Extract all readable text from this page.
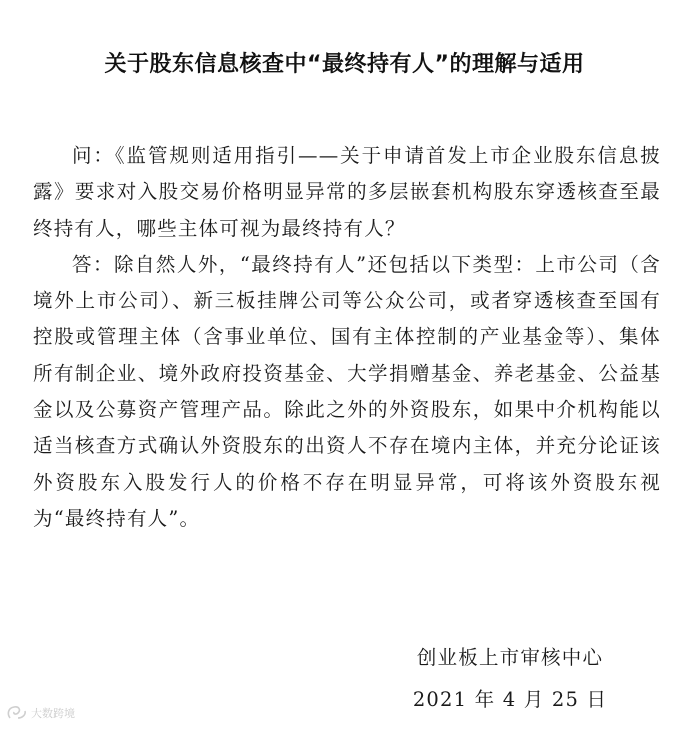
关于股东信息核查中“最终持有人”的理解与适用

问：《监管规则适用指引——关于申请首发上市企业股东信息披露》要求对入股交易价格明显异常的多层嵌套机构股东穿透核查至最终持有人，哪些主体可视为最终持有人？

答：除自然人外，“最终持有人”还包括以下类型：上市公司（含境外上市公司）、新三板挂牌公司等公众公司，或者穿透核查至国有控股或管理主体（含事业单位、国有主体控制的产业基金等）、集体所有制企业、境外政府投资基金、大学捐赠基金、养老基金、公益基金以及公募资产管理产品。除此之外的外资股东，如果中介机构能以适当核查方式确认外资股东的出资人不存在境内主体，并充分论证该外资股东入股发行人的价格不存在明显异常，可将该外资股东视为“最终持有人”。

创业板上市审核中心
2021 年 4 月 25 日
大数跨境
